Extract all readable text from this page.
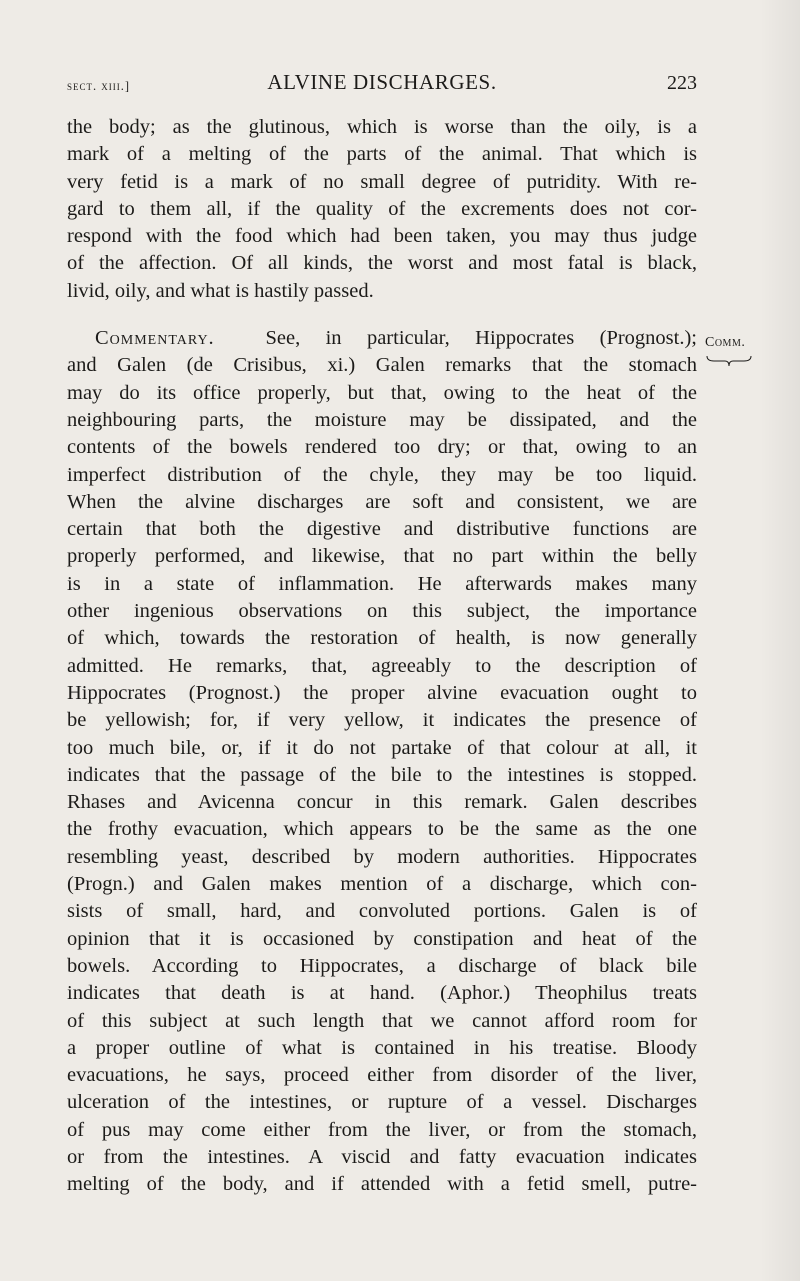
sect. xiii.]	ALVINE DISCHARGES.	223
Comm.
the body; as the glutinous, which is worse than the oily, is a
mark of a melting of the parts of the animal. That which is
very fetid is a mark of no small degree of putridity. With re-
gard to them all, if the quality of the excrements does not cor-
respond with the food which had been taken, you may thus judge
of the affection. Of all kinds, the worst and most fatal is black,
livid, oily, and what is hastily passed.
Commentary. See, in particular, Hippocrates (Prognost.);
and Galen (de Crisibus, xi.) Galen remarks that the stomach
may do its office properly, but that, owing to the heat of the
neighbouring parts, the moisture may be dissipated, and the
contents of the bowels rendered too dry; or that, owing to an
imperfect distribution of the chyle, they may be too liquid.
When the alvine discharges are soft and consistent, we are
certain that both the digestive and distributive functions are
properly performed, and likewise, that no part within the belly
is in a state of inflammation. He afterwards makes many
other ingenious observations on this subject, the importance
of which, towards the restoration of health, is now generally
admitted. He remarks, that, agreeably to the description of
Hippocrates (Prognost.) the proper alvine evacuation ought to
be yellowish; for, if very yellow, it indicates the presence of
too much bile, or, if it do not partake of that colour at all, it
indicates that the passage of the bile to the intestines is stopped.
Rhases and Avicenna concur in this remark. Galen describes
the frothy evacuation, which appears to be the same as the one
resembling yeast, described by modern authorities. Hippocrates
(Progn.) and Galen makes mention of a discharge, which con-
sists of small, hard, and convoluted portions. Galen is of
opinion that it is occasioned by constipation and heat of the
bowels. According to Hippocrates, a discharge of black bile
indicates that death is at hand. (Aphor.) Theophilus treats
of this subject at such length that we cannot afford room for
a proper outline of what is contained in his treatise. Bloody
evacuations, he says, proceed either from disorder of the liver,
ulceration of the intestines, or rupture of a vessel. Discharges
of pus may come either from the liver, or from the stomach,
or from the intestines. A viscid and fatty evacuation indicates
melting of the body, and if attended with a fetid smell, putre-
